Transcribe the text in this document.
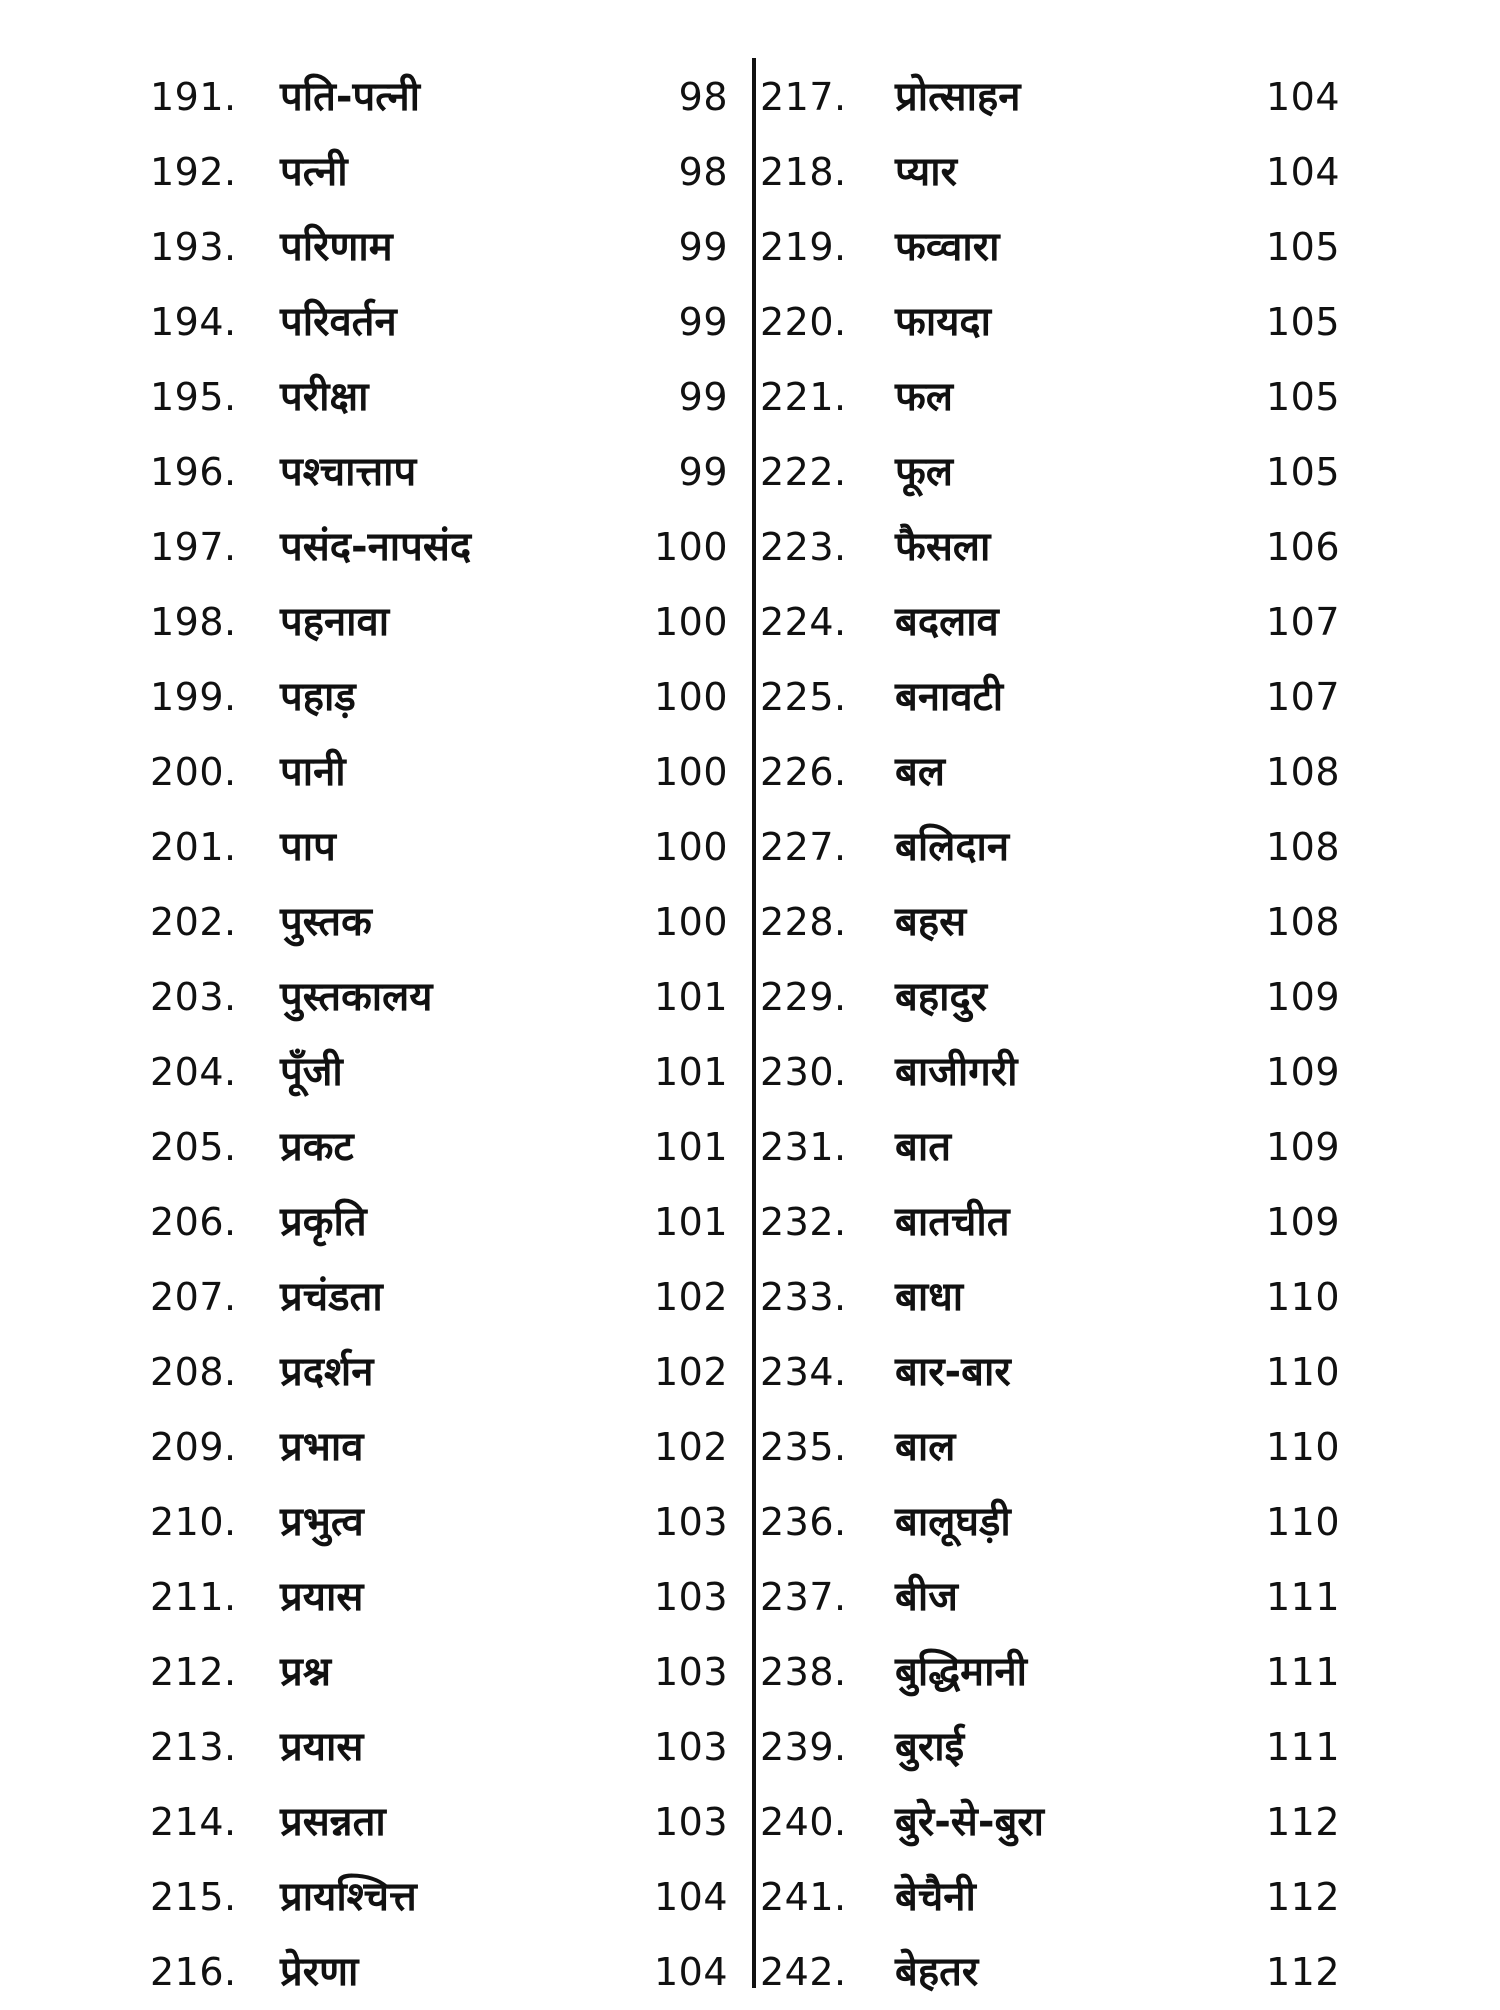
191. पति-पत्नी	98
192. पत्नी	98
193. परिणाम	99
194. परिवर्तन	99
195. परीक्षा	99
196. पश्चात्ताप	99
197. पसंद-नापसंद	100
198. पहनावा	100
199. पहाड़	100
200. पानी	100
201. पाप	100
202. पुस्तक	100
203. पुस्तकालय	101
204. पूँजी	101
205. प्रकट	101
206. प्रकृति	101
207. प्रचंडता	102
208. प्रदर्शन	102
209. प्रभाव	102
210. प्रभुत्व	103
211. प्रयास	103
212. प्रश्न	103
213. प्रयास	103
214. प्रसन्नता	103
215. प्रायश्चित्त	104
216. प्रेरणा	104
217. प्रोत्साहन	104
218. प्यार	104
219. फव्वारा	105
220. फायदा	105
221. फल	105
222. फूल	105
223. फैसला	106
224. बदलाव	107
225. बनावटी	107
226. बल	108
227. बलिदान	108
228. बहस	108
229. बहादुर	109
230. बाजीगरी	109
231. बात	109
232. बातचीत	109
233. बाधा	110
234. बार-बार	110
235. बाल	110
236. बालूघड़ी	110
237. बीज	111
238. बुद्धिमानी	111
239. बुराई	111
240. बुरे-से-बुरा	112
241. बेचैनी	112
242. बेहतर	112
